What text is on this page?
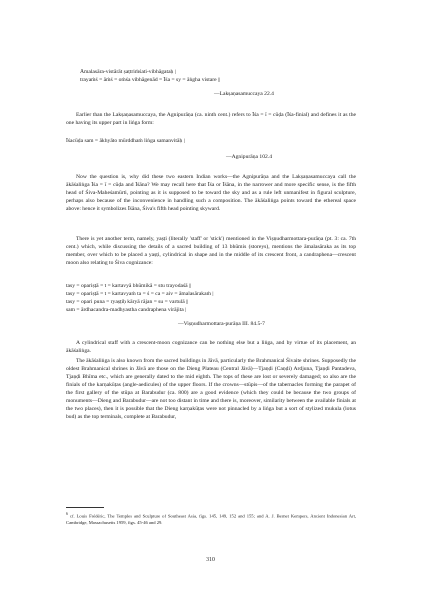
Āmalasāra-vistārāt ṣaṭtriṁśati-vibhāgataḥ |
trayaṁś = āṁś = oṁśa vibhāgenād = Īśa = sy = āṅgha vistare ||
—Lakṣaṇasamuccaya 22.4

Earlier than the Lakṣaṇasamuccaya, the Agnipurāṇa (ca. ninth cent.) refers to Īśa = ī = cūḍa (Īśa-finial) and defines it as the one having its upper part in liṅga form:

Īśacūḍa sam = ākhyāto mūrddhaṁ liṅga samanvitāḥ |
—Agnipurāṇa 102.4

Now the question is, why did these two eastern Indian works—the Agnipurāṇa and the Lakṣaṇasamuccaya call the ākāśaliṅga Īśa = ī = cūḍa and Īśāna? We may recall here that Īśa or Īśāna, in the narrower and more specific sense, is the fifth head of Śiva-Maheśamūrti, pointing as it is supposed to be toward the sky and as a rule left unmanifest in figural sculpture, perhaps also because of the inconvenience in handling such a composition. The ākāśaliṅga points toward the ethereal space above: hence it symbolizes Īśāna, Śiva's fifth head pointing skyward.

There is yet another term, namely, yaṣṭi (literally 'staff' or 'stick') mentioned in the Viṣṇudharmottara-purāṇa (pt. 3: ca. 7th cent.) which, while discussing the details of a sacred building of 13 bhūmis (storeys), mentions the āmalasāraka as its top member, over which to be placed a yaṣṭi, cylindrical in shape and in the middle of its crescent front, a candraphena—crescent moon also relating to Śiva cognizance:

tasy = opariṣṭā = t = kartavyā bhūmikā = stu trayodaśā ||
tasy = opariṣṭā = t = kartavyaṁ ta = ś = ca = aiv = āmalasārakaṁ |
tasy = opari puna = ryaṣṭiḥ kāryā rājan = su = vartulā ||
sam = ārdhacandra-madhyastha candraphena virājita |
—Viṣṇudharmottara-purāṇa III. 84.5-7

A cylindrical staff with a crescent-moon cognizance can be nothing else but a liṅga, and by virtue of its placement, an ākāśaliṅga.

The ākāśaliṅga is also known from the sacred buildings in Jāvā, particularly the Brahmanical Śivaite shrines. Supposedly the oldest Brahmanical shrines in Jāvā are those on the Dieng Plateau (Central Jāvā)—Tjaṇḍi (Caṇḍi) Ardjuna, Tjaṇḍi Pantadeva, Tjaṇḍi Bhīma etc., which are generally dated to the mid eighth. The tops of these are lost or severely damaged; so also are the finials of the karṇakūṭas (angle-aedicules) of the upper floors. If the crowns—stūpis—of the tabernacles forming the parapet of the first gallery of the stūpa at Barabudur (ca. 800) are a good evidence (which they could be because the two groups of monuments—Dieng and Barabudur—are not too distant in time and there is, moreover, similarity between the available finials at the two places), then it is possible that the Dieng karṇakūṭas were not pinnacled by a liṅga but a sort of stylized mukula (lotus bud) as the top terminals, complete at Barabudur,

$^6$ cf. Louis Frédéric, The Temples and Sculpture of Southeast Asia, figs. 145, 149, 152 and 155; and A. J. Bernet Kempers, Ancient Indonesian Art, Cambridge, Massachusetts 1959, figs. 45-46 and 29.
310
